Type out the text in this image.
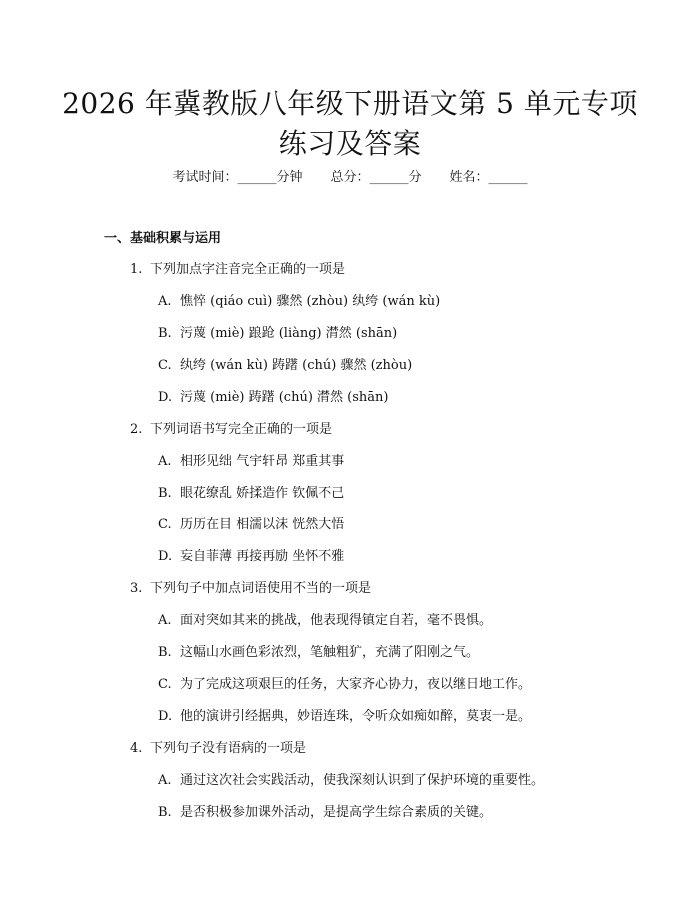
2026 年冀教版八年级下册语文第 5 单元专项
练习及答案
考试时间：______分钟 总分：______分 姓名：______
一、基础积累与运用
1. 下列加点字注音完全正确的一项是
A. 憔悴 (qiáo cuì) 骤然 (zhòu) 纨绔 (wán kù)
B. 污蔑 (miè) 踉跄 (liàng) 潸然 (shān)
C. 纨绔 (wán kù) 踌躇 (chú) 骤然 (zhòu)
D. 污蔑 (miè) 踌躇 (chú) 潸然 (shān)
2. 下列词语书写完全正确的一项是
A. 相形见绌 气宇轩昂 郑重其事
B. 眼花缭乱 娇揉造作 钦佩不己
C. 历历在目 相濡以沫 恍然大悟
D. 妄自菲薄 再接再励 坐怀不雅
3. 下列句子中加点词语使用不当的一项是
A. 面对突如其来的挑战，他表现得镇定自若，毫不畏惧。
B. 这幅山水画色彩浓烈，笔触粗犷，充满了阳刚之气。
C. 为了完成这项艰巨的任务，大家齐心协力，夜以继日地工作。
D. 他的演讲引经据典，妙语连珠，令听众如痴如醉，莫衷一是。
4. 下列句子没有语病的一项是
A. 通过这次社会实践活动，使我深刻认识到了保护环境的重要性。
B. 是否积极参加课外活动，是提高学生综合素质的关键。
